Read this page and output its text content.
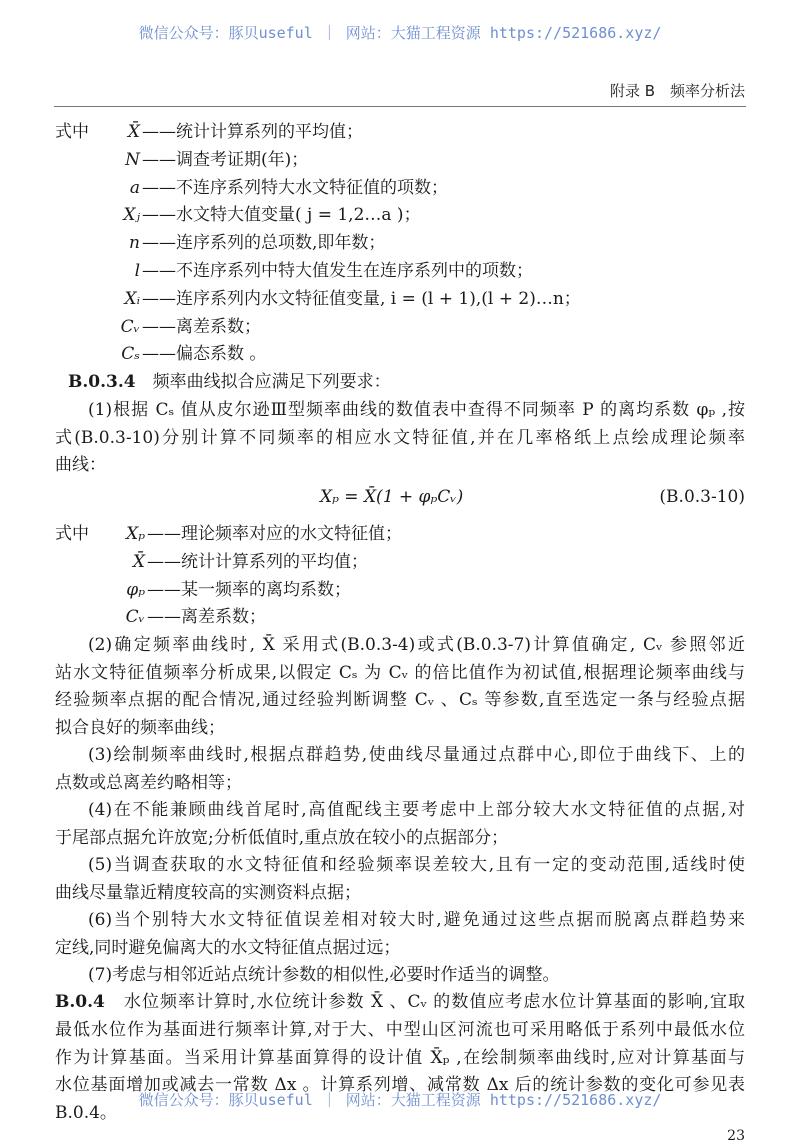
微信公众号：豚贝useful ｜ 网站：大猫工程资源 https://521686.xyz/
附录 B　频率分析法
式中	X̄ ——统计计算系列的平均值；
N ——调查考证期(年)；
a ——不连序系列特大水文特征值的项数；
Xⱼ ——水文特大值变量( j = 1,2…a )；
n ——连序系列的总项数,即年数；
l ——不连序系列中特大值发生在连序系列中的项数；
Xᵢ ——连序系列内水文特征值变量, i = (l + 1),(l + 2)…n；
Cᵥ ——离差系数；
Cₛ ——偏态系数 。
B.0.3.4　 频率曲线拟合应满足下列要求：
(1)根据 Cₛ 值从皮尔逊Ⅲ型频率曲线的数值表中查得不同频率 P 的离均系数 φₚ ,按
式(B.0.3-10)分别计算不同频率的相应水文特征值,并在几率格纸上点绘成理论频率
曲线：
Xₚ = X̄(1 + φₚCᵥ)	(B.0.3-10)
式中	Xₚ ——理论频率对应的水文特征值；
X̄ ——统计计算系列的平均值；
φₚ ——某一频率的离均系数；
Cᵥ ——离差系数；
(2)确定频率曲线时, X̄ 采用式(B.0.3-4)或式(B.0.3-7)计算值确定, Cᵥ 参照邻近
站水文特征值频率分析成果,以假定 Cₛ 为 Cᵥ 的倍比值作为初试值,根据理论频率曲线与
经验频率点据的配合情况,通过经验判断调整 Cᵥ 、Cₛ 等参数,直至选定一条与经验点据
拟合良好的频率曲线；
(3)绘制频率曲线时,根据点群趋势,使曲线尽量通过点群中心,即位于曲线下、上的
点数或总离差约略相等；
(4)在不能兼顾曲线首尾时,高值配线主要考虑中上部分较大水文特征值的点据,对
于尾部点据允许放宽;分析低值时,重点放在较小的点据部分；
(5)当调查获取的水文特征值和经验频率误差较大,且有一定的变动范围,适线时使
曲线尽量靠近精度较高的实测资料点据；
(6)当个别特大水文特征值误差相对较大时,避免通过这些点据而脱离点群趋势来
定线,同时避免偏离大的水文特征值点据过远；
(7)考虑与相邻近站点统计参数的相似性,必要时作适当的调整。
B.0.4　 水位频率计算时,水位统计参数 X̄ 、Cᵥ 的数值应考虑水位计算基面的影响,宜取
最低水位作为基面进行频率计算,对于大、中型山区河流也可采用略低于系列中最低水位
作为计算基面。当采用计算基面算得的设计值 X̄ₚ ,在绘制频率曲线时,应对计算基面与
水位基面增加或减去一常数 Δx 。计算系列增、减常数 Δx 后的统计参数的变化可参见表
B.0.4。
微信公众号：豚贝useful ｜ 网站：大猫工程资源 https://521686.xyz/
23
